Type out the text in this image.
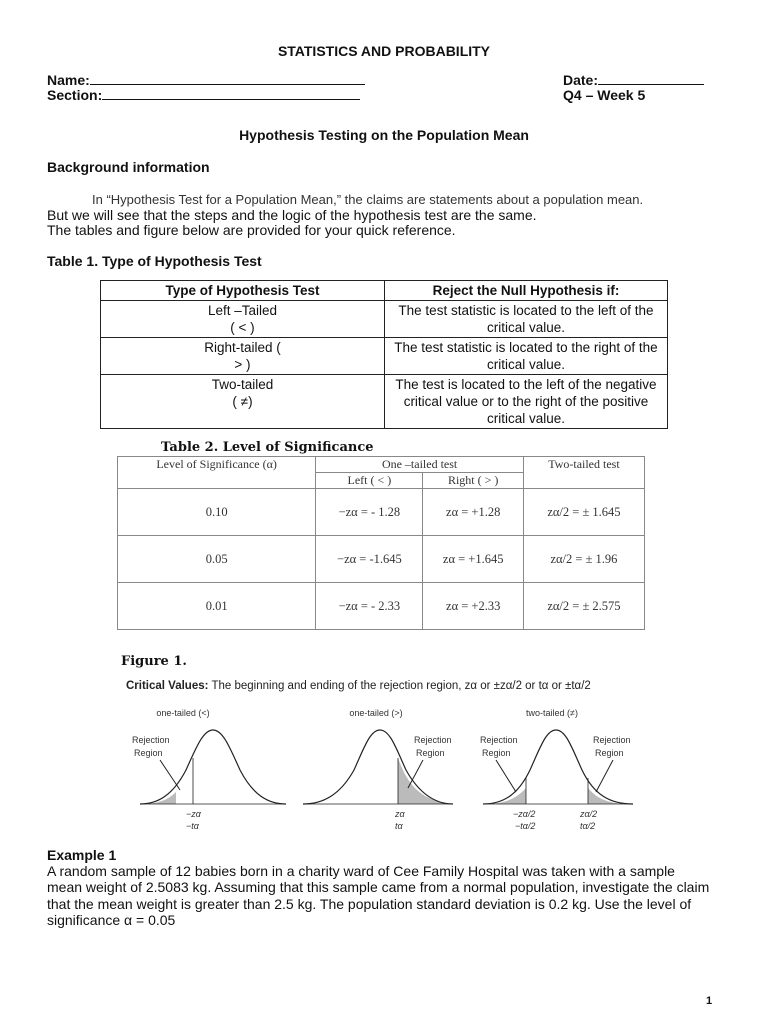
STATISTICS AND PROBABILITY
Name:	Date:
Section:	Q4 – Week 5
Hypothesis Testing on the Population Mean
Background information
In “Hypothesis Test for a Population Mean,” the claims are statements about a population mean.
But we will see that the steps and the logic of the hypothesis test are the same.
The tables and figure below are provided for your quick reference.
Table 1. Type of Hypothesis Test
Type of Hypothesis Test	Reject the Null Hypothesis if:

Left –Tailed
( < )	The test statistic is located to the left of the critical value.

Right-tailed (
> )	The test statistic is located to the right of the critical value.

Two-tailed
( ≠)	The test is located to the left of the negative critical value or to the right of the positive critical value.
Table 2. Level of Significance
Level of Significance (α)	One –tailed test		Two-tailed test
	Left ( < )	Right ( > )	
0.10	−zα = - 1.28	zα = +1.28	zα/2 = ± 1.645
0.05	−zα = -1.645	zα = +1.645	zα/2 = ± 1.96
0.01	−zα = - 2.33	zα = +2.33	zα/2 = ± 2.575
Figure 1.
Critical Values: The beginning and ending of the rejection region, zα or ±zα/2 or tα or ±tα/2
one-tailed (<)
Rejection
Region
−zα
−tα
one-tailed (>)
Rejection
Region
zα
tα
two-tailed (≠)
Rejection
Region
Rejection
Region
−zα/2
−tα/2
zα/2
tα/2
Example 1
A random sample of 12 babies born in a charity ward of Cee Family Hospital was taken with a sample
mean weight of 2.5083 kg. Assuming that this sample came from a normal population, investigate the claim
that the mean weight is greater than 2.5 kg. The population standard deviation is 0.2 kg. Use the level of
significance α = 0.05
1
